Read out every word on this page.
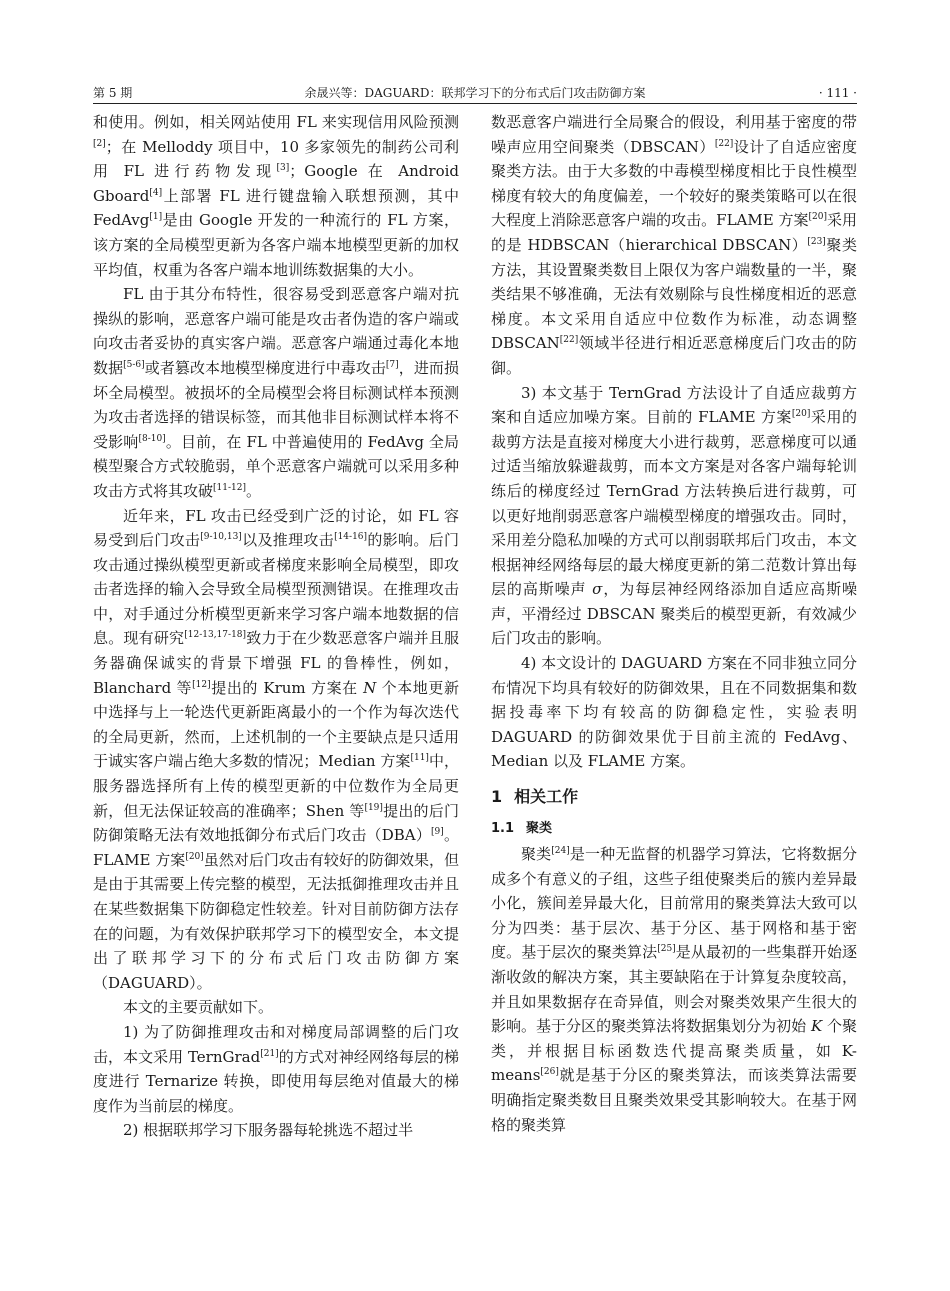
第 5 期	余晟兴等：DAGUARD：联邦学习下的分布式后门攻击防御方案	· 111 ·

和使用。例如，相关网站使用 FL 来实现信用风险预测[2]；在 Melloddy 项目中，10 多家领先的制药公司利用 FL 进行药物发现[3]；Google 在 Android Gboard[4]上部署 FL 进行键盘输入联想预测，其中 FedAvg[1]是由 Google 开发的一种流行的 FL 方案，该方案的全局模型更新为各客户端本地模型更新的加权平均值，权重为各客户端本地训练数据集的大小。

FL 由于其分布特性，很容易受到恶意客户端对抗操纵的影响，恶意客户端可能是攻击者伪造的客户端或向攻击者妥协的真实客户端。恶意客户端通过毒化本地数据[5-6]或者篡改本地模型梯度进行中毒攻击[7]，进而损坏全局模型。被损坏的全局模型会将目标测试样本预测为攻击者选择的错误标签，而其他非目标测试样本将不受影响[8-10]。目前，在 FL 中普遍使用的 FedAvg 全局模型聚合方式较脆弱，单个恶意客户端就可以采用多种攻击方式将其攻破[11-12]。

近年来，FL 攻击已经受到广泛的讨论，如 FL 容易受到后门攻击[9-10,13]以及推理攻击[14-16]的影响。后门攻击通过操纵模型更新或者梯度来影响全局模型，即攻击者选择的输入会导致全局模型预测错误。在推理攻击中，对手通过分析模型更新来学习客户端本地数据的信息。现有研究[12-13,17-18]致力于在少数恶意客户端并且服务器确保诚实的背景下增强 FL 的鲁棒性，例如，Blanchard 等[12]提出的 Krum 方案在 N 个本地更新中选择与上一轮迭代更新距离最小的一个作为每次迭代的全局更新，然而，上述机制的一个主要缺点是只适用于诚实客户端占绝大多数的情况；Median 方案[11]中，服务器选择所有上传的模型更新的中位数作为全局更新，但无法保证较高的准确率；Shen 等[19]提出的后门防御策略无法有效地抵御分布式后门攻击（DBA）[9]。FLAME 方案[20]虽然对后门攻击有较好的防御效果，但是由于其需要上传完整的模型，无法抵御推理攻击并且在某些数据集下防御稳定性较差。针对目前防御方法存在的问题，为有效保护联邦学习下的模型安全，本文提出了联邦学习下的分布式后门攻击防御方案（DAGUARD）。

本文的主要贡献如下。

1) 为了防御推理攻击和对梯度局部调整的后门攻击，本文采用 TernGrad[21]的方式对神经网络每层的梯度进行 Ternarize 转换，即使用每层绝对值最大的梯度作为当前层的梯度。

2) 根据联邦学习下服务器每轮挑选不超过半

数恶意客户端进行全局聚合的假设，利用基于密度的带噪声应用空间聚类（DBSCAN）[22]设计了自适应密度聚类方法。由于大多数的中毒模型梯度相比于良性模型梯度有较大的角度偏差，一个较好的聚类策略可以在很大程度上消除恶意客户端的攻击。FLAME 方案[20]采用的是 HDBSCAN（hierarchical DBSCAN）[23]聚类方法，其设置聚类数目上限仅为客户端数量的一半，聚类结果不够准确，无法有效剔除与良性梯度相近的恶意梯度。本文采用自适应中位数作为标准，动态调整 DBSCAN[22]领域半径进行相近恶意梯度后门攻击的防御。

3) 本文基于 TernGrad 方法设计了自适应裁剪方案和自适应加噪方案。目前的 FLAME 方案[20]采用的裁剪方法是直接对梯度大小进行裁剪，恶意梯度可以通过适当缩放躲避裁剪，而本文方案是对各客户端每轮训练后的梯度经过 TernGrad 方法转换后进行裁剪，可以更好地削弱恶意客户端模型梯度的增强攻击。同时，采用差分隐私加噪的方式可以削弱联邦后门攻击，本文根据神经网络每层的最大梯度更新的第二范数计算出每层的高斯噪声 σ，为每层神经网络添加自适应高斯噪声，平滑经过 DBSCAN 聚类后的模型更新，有效减少后门攻击的影响。

4) 本文设计的 DAGUARD 方案在不同非独立同分布情况下均具有较好的防御效果，且在不同数据集和数据投毒率下均有较高的防御稳定性，实验表明 DAGUARD 的防御效果优于目前主流的 FedAvg、Median 以及 FLAME 方案。

1 相关工作
1.1 聚类

聚类[24]是一种无监督的机器学习算法，它将数据分成多个有意义的子组，这些子组使聚类后的簇内差异最小化，簇间差异最大化，目前常用的聚类算法大致可以分为四类：基于层次、基于分区、基于网格和基于密度。基于层次的聚类算法[25]是从最初的一些集群开始逐渐收敛的解决方案，其主要缺陷在于计算复杂度较高，并且如果数据存在奇异值，则会对聚类效果产生很大的影响。基于分区的聚类算法将数据集划分为初始 K 个聚类，并根据目标函数迭代提高聚类质量，如 K-means[26]就是基于分区的聚类算法，而该类算法需要明确指定聚类数目且聚类效果受其影响较大。在基于网格的聚类算
